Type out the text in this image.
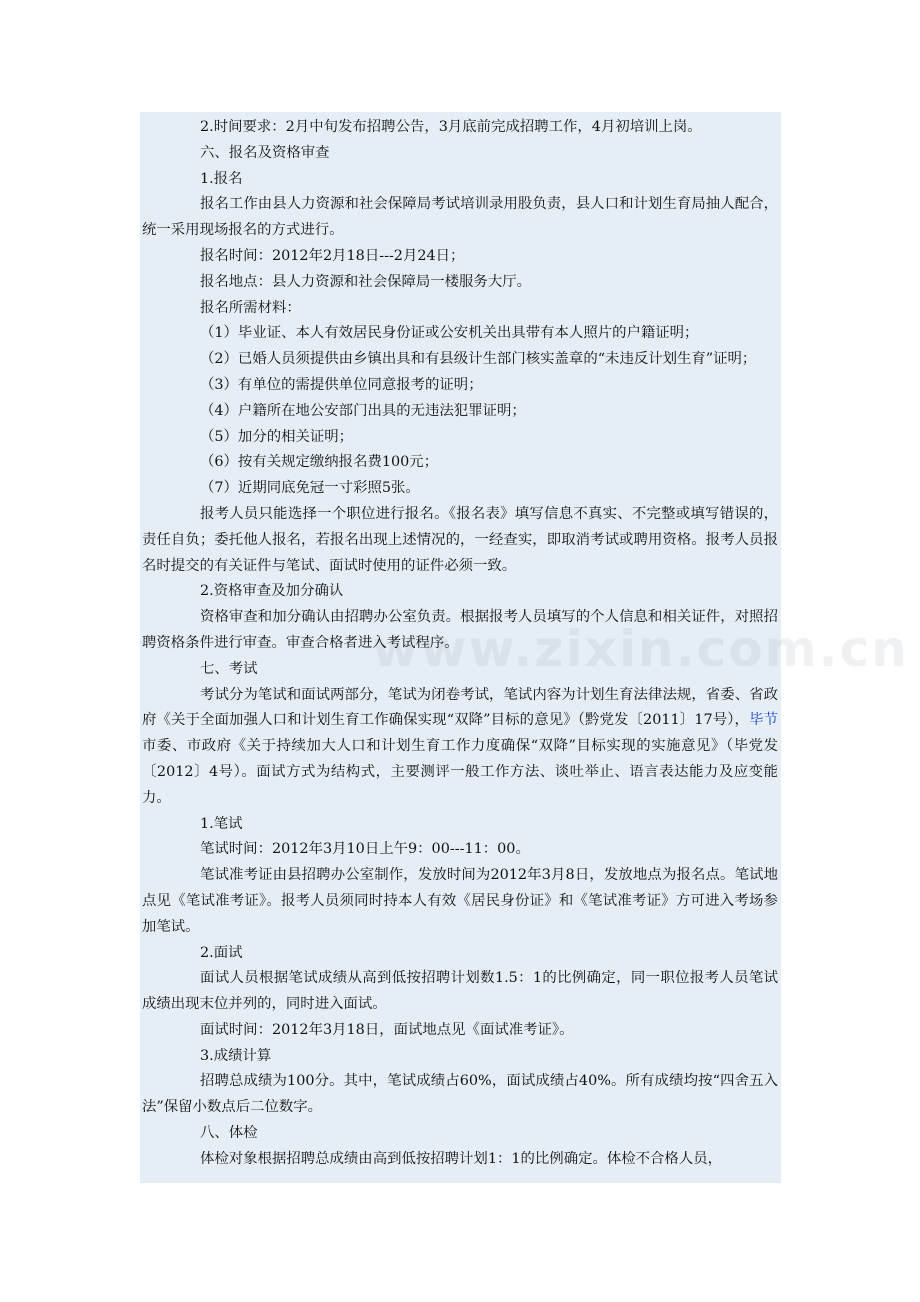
www.zixin.com.cn

2.时间要求：2月中旬发布招聘公告，3月底前完成招聘工作，4月初培训上岗。

六、报名及资格审查

1.报名

报名工作由县人力资源和社会保障局考试培训录用股负责，县人口和计划生育局抽人配合，统一采用现场报名的方式进行。

报名时间：2012年2月18日---2月24日；

报名地点：县人力资源和社会保障局一楼服务大厅。

报名所需材料：

（1）毕业证、本人有效居民身份证或公安机关出具带有本人照片的户籍证明；

（2）已婚人员须提供由乡镇出具和有县级计生部门核实盖章的“未违反计划生育”证明；

（3）有单位的需提供单位同意报考的证明；

（4）户籍所在地公安部门出具的无违法犯罪证明；

（5）加分的相关证明；

（6）按有关规定缴纳报名费100元；

（7）近期同底免冠一寸彩照5张。

报考人员只能选择一个职位进行报名。《报名表》填写信息不真实、不完整或填写错误的，责任自负；委托他人报名，若报名出现上述情况的，一经查实，即取消考试或聘用资格。报考人员报名时提交的有关证件与笔试、面试时使用的证件必须一致。

2.资格审查及加分确认

资格审查和加分确认由招聘办公室负责。根据报考人员填写的个人信息和相关证件，对照招聘资格条件进行审查。审查合格者进入考试程序。

七、考试

考试分为笔试和面试两部分，笔试为闭卷考试，笔试内容为计划生育法律法规，省委、省政府《关于全面加强人口和计划生育工作确保实现“双降”目标的意见》（黔党发〔2011〕17号），毕节市委、市政府《关于持续加大人口和计划生育工作力度确保“双降”目标实现的实施意见》（毕党发〔2012〕4号）。面试方式为结构式，主要测评一般工作方法、谈吐举止、语言表达能力及应变能力。

1.笔试

笔试时间：2012年3月10日上午9：00---11：00。

笔试准考证由县招聘办公室制作，发放时间为2012年3月8日，发放地点为报名点。笔试地点见《笔试准考证》。报考人员须同时持本人有效《居民身份证》和《笔试准考证》方可进入考场参加笔试。

2.面试

面试人员根据笔试成绩从高到低按招聘计划数1.5：1的比例确定，同一职位报考人员笔试成绩出现末位并列的，同时进入面试。

面试时间：2012年3月18日，面试地点见《面试准考证》。

3.成绩计算

招聘总成绩为100分。其中，笔试成绩占60%，面试成绩占40%。所有成绩均按“四舍五入法”保留小数点后二位数字。

八、体检

体检对象根据招聘总成绩由高到低按招聘计划1：1的比例确定。体检不合格人员，
